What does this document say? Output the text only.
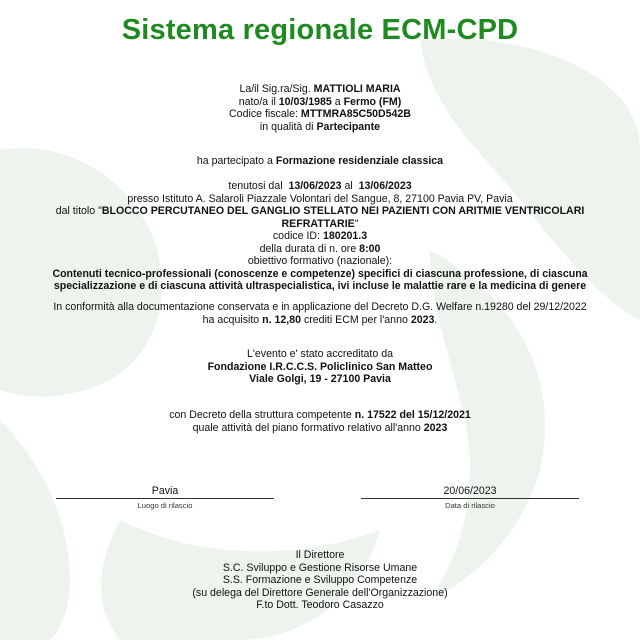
Sistema regionale ECM-CPD
La/il Sig.ra/Sig. MATTIOLI MARIA
nato/a il 10/03/1985 a Fermo (FM)
Codice fiscale: MTTMRA85C50D542B
in qualità di Partecipante
ha partecipato a Formazione residenziale classica
tenutosi dal 13/06/2023 al 13/06/2023
presso Istituto A. Salaroli Piazzale Volontari del Sangue, 8, 27100 Pavia PV, Pavia
dal titolo "BLOCCO PERCUTANEO DEL GANGLIO STELLATO NEI PAZIENTI CON ARITMIE VENTRICOLARI REFRATTARIE"
codice ID: 180201.3
della durata di n. ore 8:00
obiettivo formativo (nazionale):
Contenuti tecnico-professionali (conoscenze e competenze) specifici di ciascuna professione, di ciascuna specializzazione e di ciascuna attività ultraspecialistica, ivi incluse le malattie rare e la medicina di genere
In conformità alla documentazione conservata e in applicazione del Decreto D.G. Welfare n.19280 del 29/12/2022
ha acquisito n. 12,80 crediti ECM per l'anno 2023.
L'evento e' stato accreditato da
Fondazione I.R.C.C.S. Policlinico San Matteo
Viale Golgi, 19 - 27100 Pavia
con Decreto della struttura competente n. 17522 del 15/12/2021
quale attività del piano formativo relativo all'anno 2023
Pavia
Luogo di rilascio
20/06/2023
Data di rilascio
Il Direttore
S.C. Sviluppo e Gestione Risorse Umane
S.S. Formazione e Sviluppo Competenze
(su delega del Direttore Generale dell'Organizzazione)
F.to Dott. Teodoro Casazzo
